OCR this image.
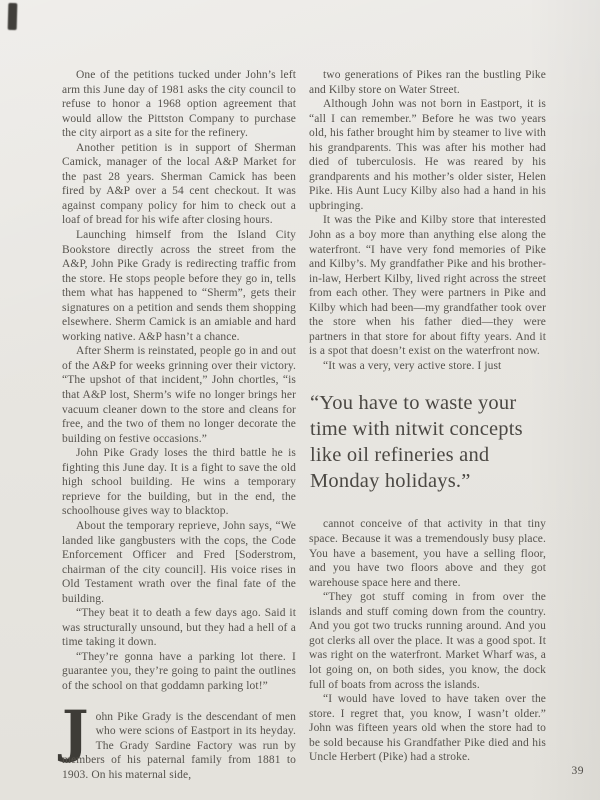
One of the petitions tucked under John’s left arm this June day of 1981 asks the city council to refuse to honor a 1968 option agreement that would allow the Pittston Company to purchase the city airport as a site for the refinery.

Another petition is in support of Sherman Camick, manager of the local A&P Market for the past 28 years. Sherman Camick has been fired by A&P over a 54 cent checkout. It was against company policy for him to check out a loaf of bread for his wife after closing hours.

Launching himself from the Island City Bookstore directly across the street from the A&P, John Pike Grady is redirecting traffic from the store. He stops people before they go in, tells them what has happened to “Sherm”, gets their signatures on a petition and sends them shopping elsewhere. Sherm Camick is an amiable and hard working native. A&P hasn’t a chance.

After Sherm is reinstated, people go in and out of the A&P for weeks grinning over their victory. “The upshot of that incident,” John chortles, “is that A&P lost, Sherm’s wife no longer brings her vacuum cleaner down to the store and cleans for free, and the two of them no longer decorate the building on festive occasions.”

John Pike Grady loses the third battle he is fighting this June day. It is a fight to save the old high school building. He wins a temporary reprieve for the building, but in the end, the schoolhouse gives way to blacktop.

About the temporary reprieve, John says, “We landed like gangbusters with the cops, the Code Enforcement Officer and Fred [Soderstrom, chairman of the city council]. His voice rises in Old Testament wrath over the final fate of the building.

“They beat it to death a few days ago. Said it was structurally unsound, but they had a hell of a time taking it down.

“They’re gonna have a parking lot there. I guarantee you, they’re going to paint the outlines of the school on that goddamn parking lot!”

John Pike Grady is the descendant of men who were scions of Eastport in its heyday. The Grady Sardine Factory was run by members of his paternal family from 1881 to 1903. On his maternal side,

two generations of Pikes ran the bustling Pike and Kilby store on Water Street.

Although John was not born in Eastport, it is “all I can remember.” Before he was two years old, his father brought him by steamer to live with his grandparents. This was after his mother had died of tuberculosis. He was reared by his grandparents and his mother’s older sister, Helen Pike. His Aunt Lucy Kilby also had a hand in his upbringing.

It was the Pike and Kilby store that interested John as a boy more than anything else along the waterfront. “I have very fond memories of Pike and Kilby’s. My grandfather Pike and his brother-in-law, Herbert Kilby, lived right across the street from each other. They were partners in Pike and Kilby which had been—my grandfather took over the store when his father died—they were partners in that store for about fifty years. And it is a spot that doesn’t exist on the waterfront now.

“It was a very, very active store. I just

“You have to waste your time with nitwit concepts like oil refineries and Monday holidays.”

cannot conceive of that activity in that tiny space. Because it was a tremendously busy place. You have a basement, you have a selling floor, and you have two floors above and they got warehouse space here and there.

“They got stuff coming in from over the islands and stuff coming down from the country. And you got two trucks running around. And you got clerks all over the place. It was a good spot. It was right on the waterfront. Market Wharf was, a lot going on, on both sides, you know, the dock full of boats from across the islands.

“I would have loved to have taken over the store. I regret that, you know, I wasn’t older.” John was fifteen years old when the store had to be sold because his Grandfather Pike died and his Uncle Herbert (Pike) had a stroke.

39
